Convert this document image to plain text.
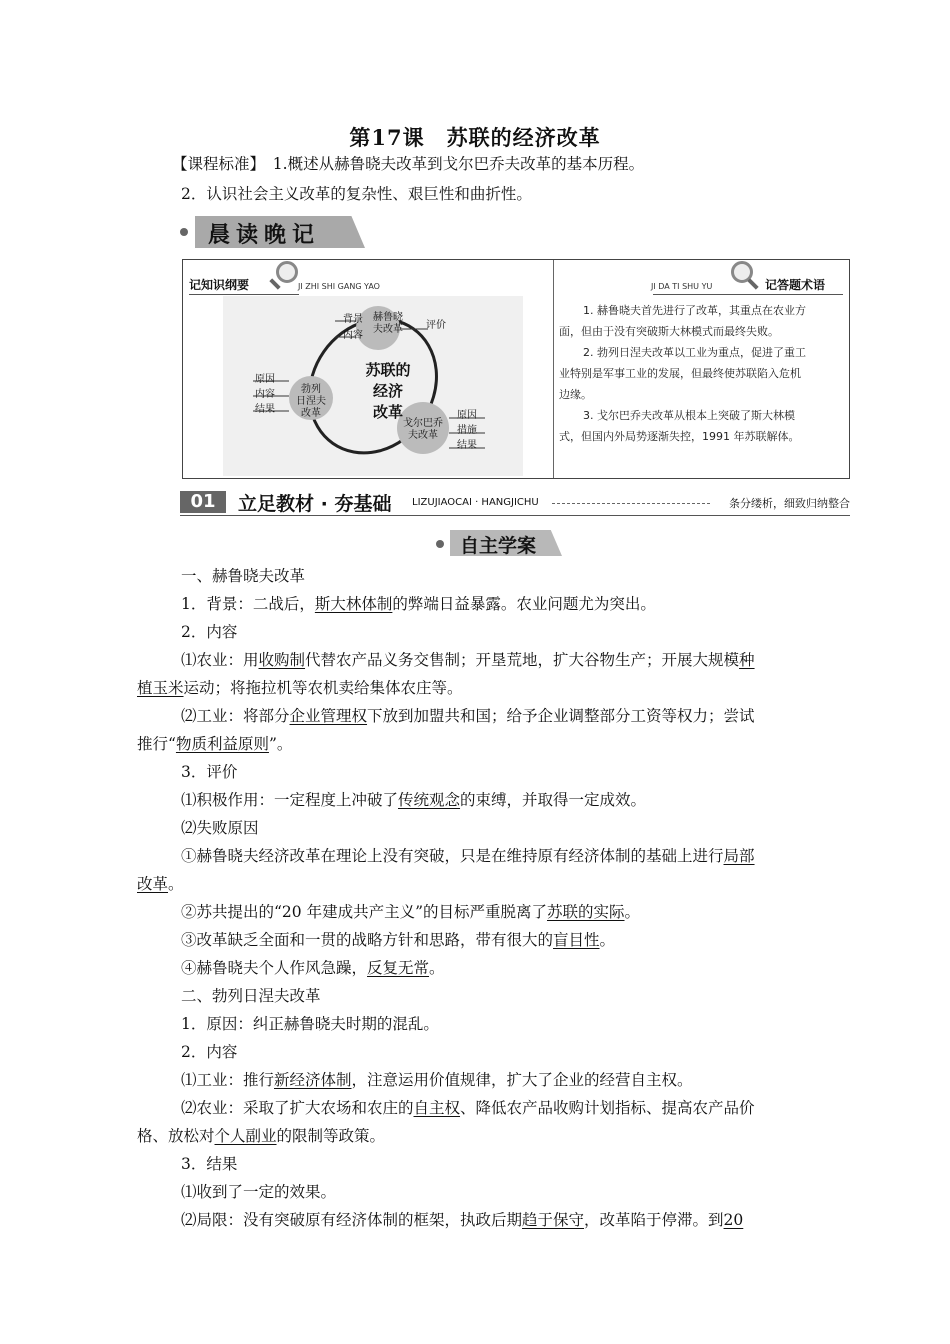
第17课　苏联的经济改革
【课程标准】　 1.概述从赫鲁晓夫改革到戈尔巴乔夫改革的基本历程。
2．认识社会主义改革的复杂性、艰巨性和曲折性。
晨读晚记
记知识纲要	JI ZHI SHI GANG YAO
苏联的
经济
改革
赫鲁晓
夫改革
背景
内容
评价
勃列
日涅夫
改革
原因
内容
结果
戈尔巴乔
夫改革
原因
措施
结果
JI DA TI SHU YU	记答题术语
1. 赫鲁晓夫首先进行了改革，其重点在农业方
面，但由于没有突破斯大林模式而最终失败。
2. 勃列日涅夫改革以工业为重点，促进了重工
业特别是军事工业的发展，但最终使苏联陷入危机
边缘。
3. 戈尔巴乔夫改革从根本上突破了斯大林模
式，但国内外局势逐渐失控，1991 年苏联解体。
01	立足教材 · 夯基础 LIZUJIAOCAI · HANGJICHU	条分缕析，细致归纳整合
自主学案
一、赫鲁晓夫改革
1．背景：二战后，斯大林体制的弊端日益暴露。农业问题尤为突出。
2．内容
⑴农业：用收购制代替农产品义务交售制；开垦荒地，扩大谷物生产；开展大规模种
植玉米运动；将拖拉机等农机卖给集体农庄等。
⑵工业：将部分企业管理权下放到加盟共和国；给予企业调整部分工资等权力；尝试
推行“物质利益原则”。
3．评价
⑴积极作用：一定程度上冲破了传统观念的束缚，并取得一定成效。
⑵失败原因
①赫鲁晓夫经济改革在理论上没有突破，只是在维持原有经济体制的基础上进行局部
改革。
②苏共提出的“20 年建成共产主义”的目标严重脱离了苏联的实际。
③改革缺乏全面和一贯的战略方针和思路，带有很大的盲目性。
④赫鲁晓夫个人作风急躁，反复无常。
二、勃列日涅夫改革
1．原因：纠正赫鲁晓夫时期的混乱。
2．内容
⑴工业：推行新经济体制，注意运用价值规律，扩大了企业的经营自主权。
⑵农业：采取了扩大农场和农庄的自主权、降低农产品收购计划指标、提高农产品价
格、放松对个人副业的限制等政策。
3．结果
⑴收到了一定的效果。
⑵局限：没有突破原有经济体制的框架，执政后期趋于保守，改革陷于停滞。到20
